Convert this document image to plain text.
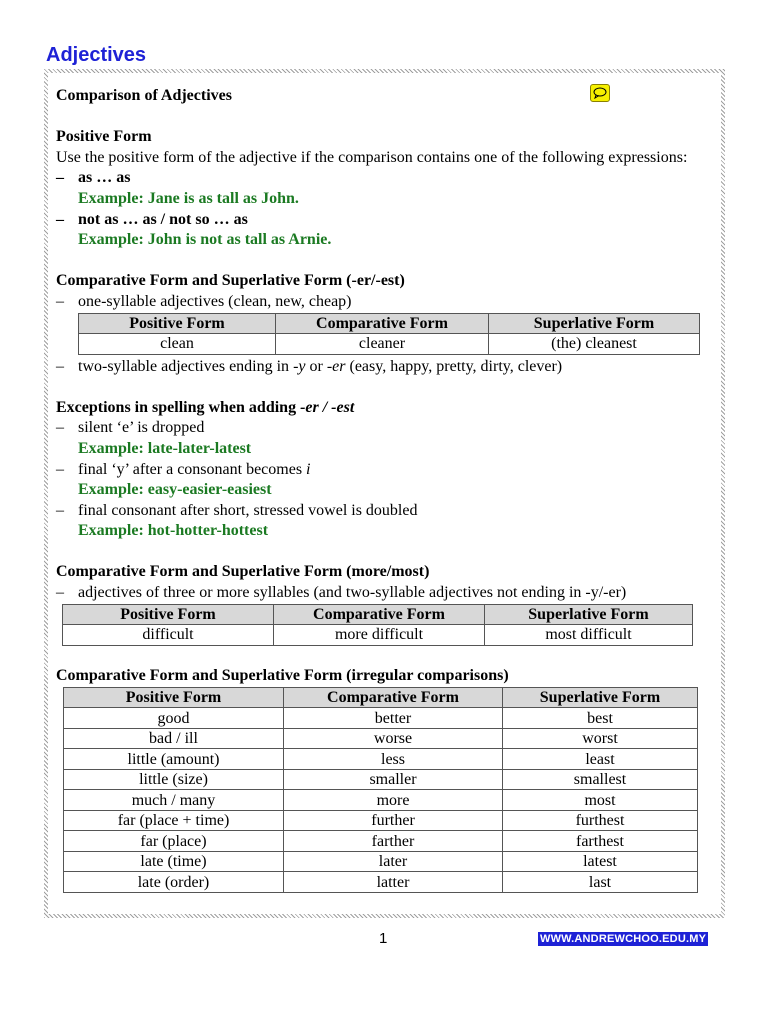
Adjectives
Comparison of Adjectives
Positive Form
Use the positive form of the adjective if the comparison contains one of the following expressions:
– as … as
Example: Jane is as tall as John.
– not as … as / not so … as
Example: John is not as tall as Arnie.
Comparative Form and Superlative Form (-er/-est)
– one-syllable adjectives (clean, new, cheap)
Positive Form	Comparative Form	Superlative Form
clean	cleaner	(the) cleanest
– two-syllable adjectives ending in -y or -er (easy, happy, pretty, dirty, clever)
Exceptions in spelling when adding -er / -est
– silent ‘e’ is dropped
Example: late-later-latest
– final ‘y’ after a consonant becomes i
Example: easy-easier-easiest
– final consonant after short, stressed vowel is doubled
Example: hot-hotter-hottest
Comparative Form and Superlative Form (more/most)
– adjectives of three or more syllables (and two-syllable adjectives not ending in -y/-er)
Positive Form	Comparative Form	Superlative Form
difficult	more difficult	most difficult
Comparative Form and Superlative Form (irregular comparisons)
Positive Form	Comparative Form	Superlative Form
good	better	best
bad / ill	worse	worst
little (amount)	less	least
little (size)	smaller	smallest
much / many	more	most
far (place + time)	further	furthest
far (place)	farther	farthest
late (time)	later	latest
late (order)	latter	last
1	WWW.ANDREWCHOO.EDU.MY
